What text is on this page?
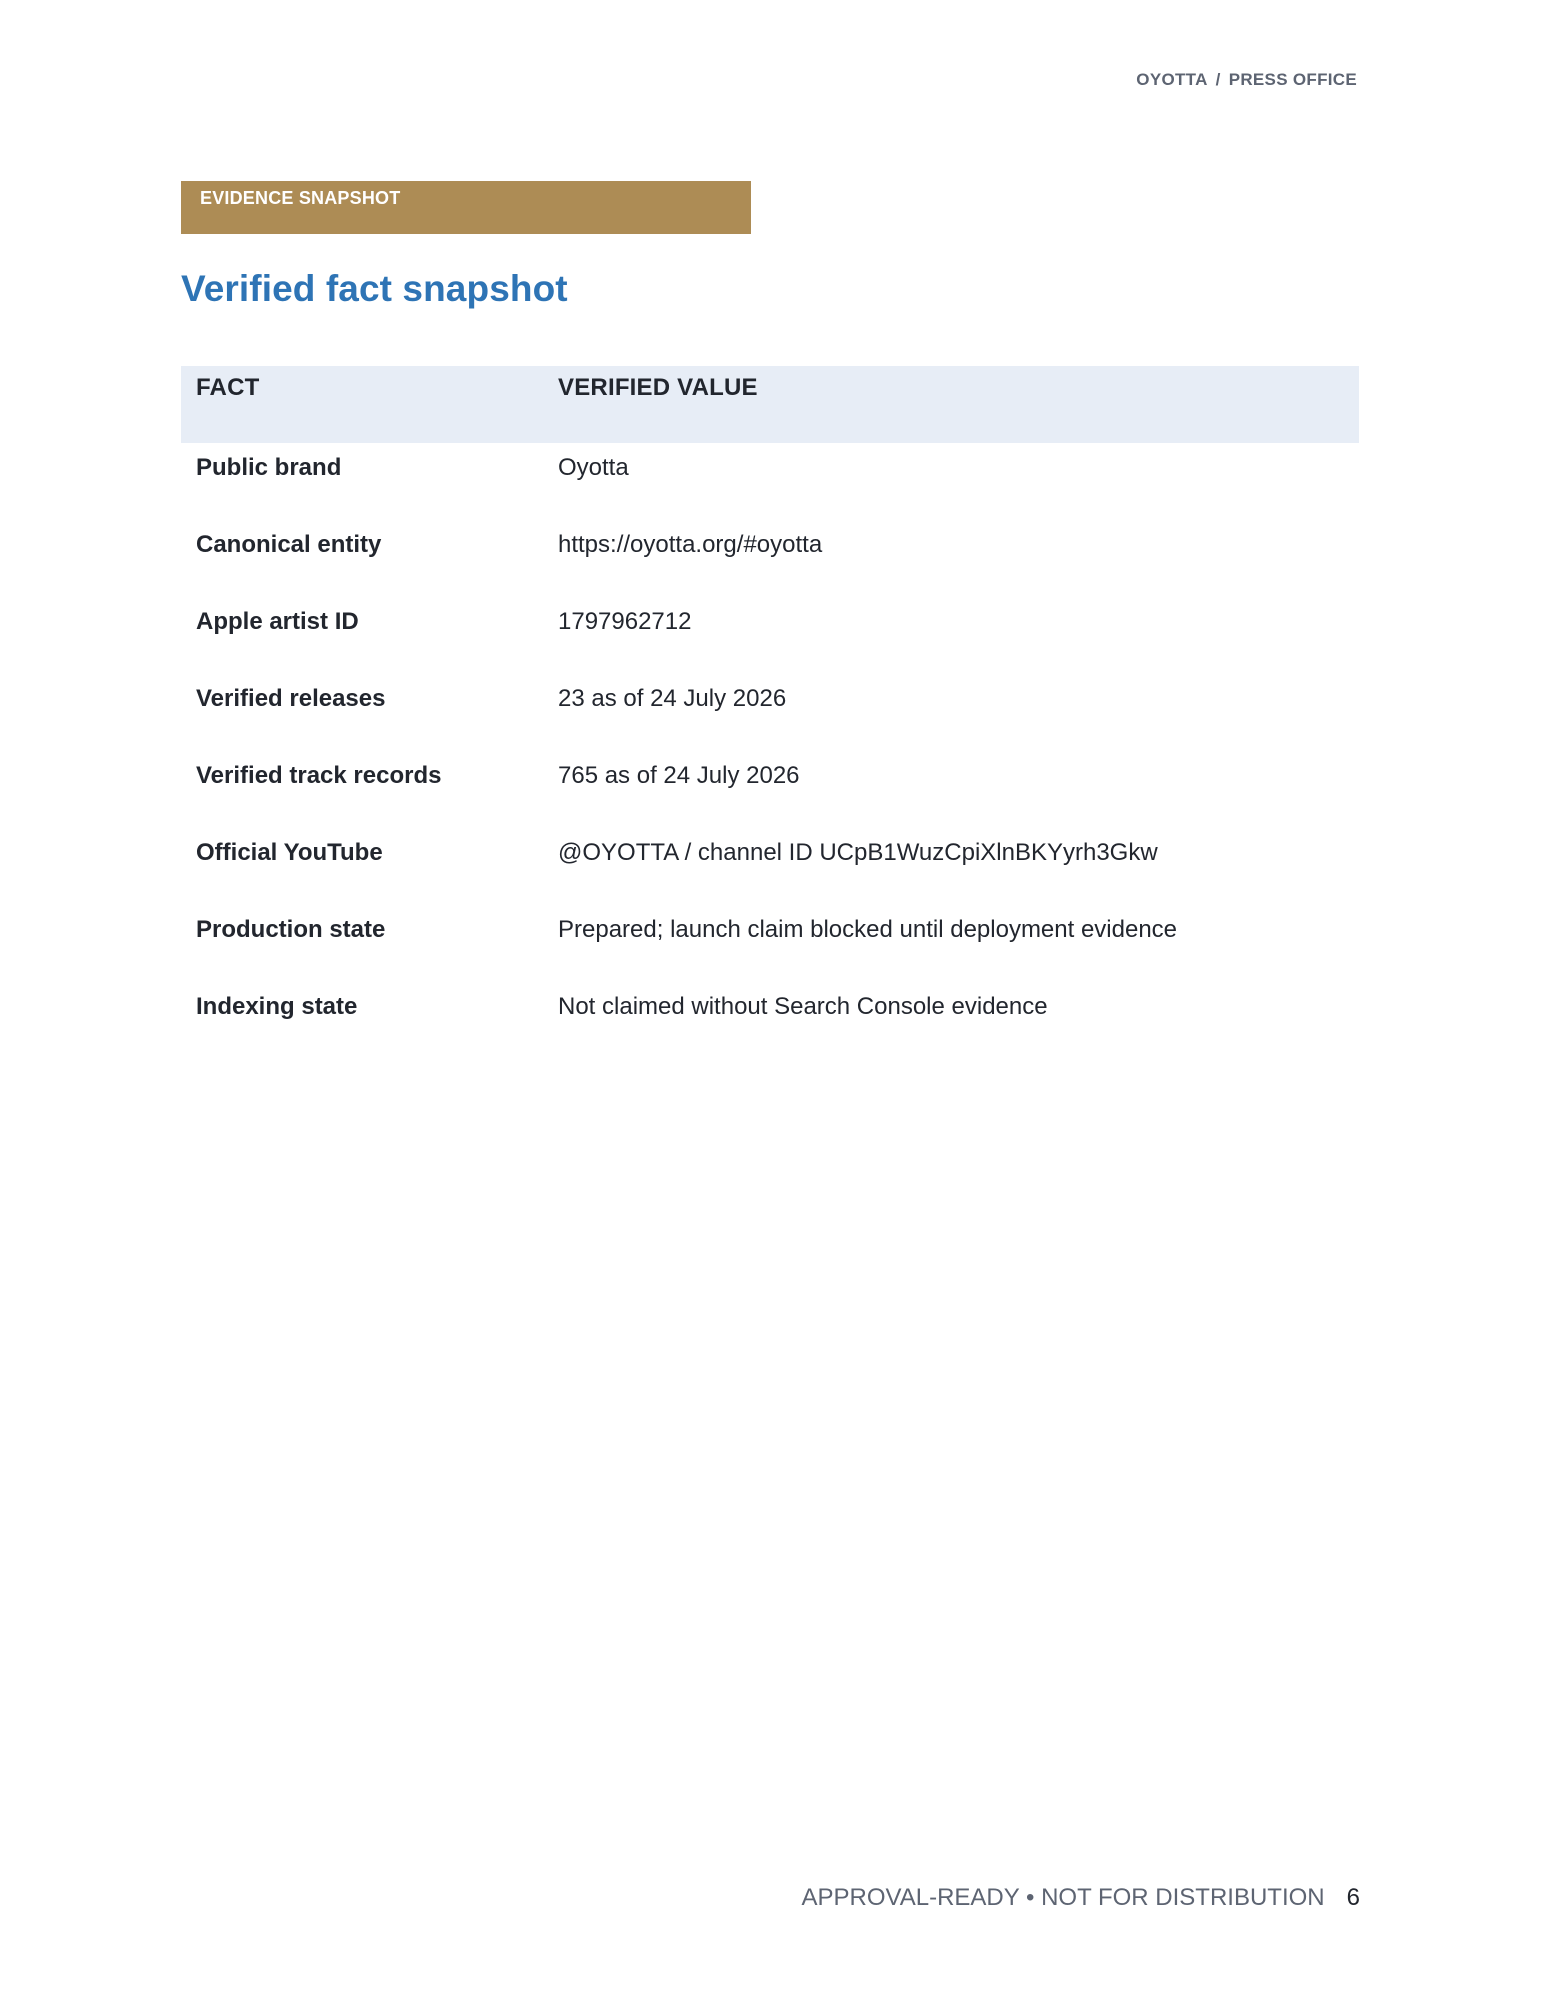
OYOTTA / PRESS OFFICE
EVIDENCE SNAPSHOT
Verified fact snapshot
FACT	VERIFIED VALUE
Public brand	Oyotta
Canonical entity	https://oyotta.org/#oyotta
Apple artist ID	1797962712
Verified releases	23 as of 24 July 2026
Verified track records	765 as of 24 July 2026
Official YouTube	@OYOTTA / channel ID UCpB1WuzCpiXlnBKYyrh3Gkw
Production state	Prepared; launch claim blocked until deployment evidence
Indexing state	Not claimed without Search Console evidence
APPROVAL-READY • NOT FOR DISTRIBUTION 6
